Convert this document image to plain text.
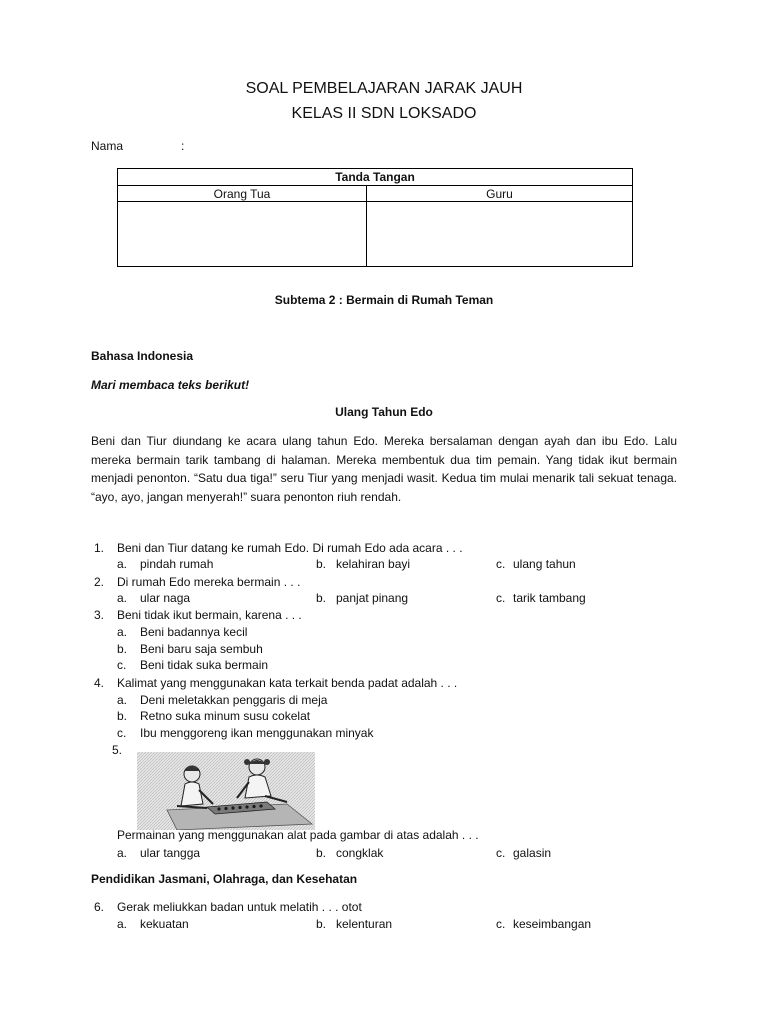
SOAL PEMBELAJARAN JARAK JAUH
KELAS II SDN LOKSADO
Nama	:
Tanda Tangan	
Orang Tua	Guru

Subtema 2 : Bermain di Rumah Teman
Bahasa Indonesia
Mari membaca teks berikut!
Ulang Tahun Edo
Beni dan Tiur diundang ke acara ulang tahun Edo. Mereka bersalaman dengan ayah dan ibu Edo. Lalu mereka bermain tarik tambang di halaman. Mereka membentuk dua tim pemain. Yang tidak ikut bermain menjadi penonton. “Satu dua tiga!” seru Tiur yang menjadi wasit. Kedua tim mulai menarik tali sekuat tenaga. “ayo, ayo, jangan menyerah!” suara penonton riuh rendah.
1. Beni dan Tiur datang ke rumah Edo. Di rumah Edo ada acara . . .
a. pindah rumah	b. kelahiran bayi	c. ulang tahun
2. Di rumah Edo mereka bermain . . .
a. ular naga	b. panjat pinang	c. tarik tambang
3. Beni tidak ikut bermain, karena . . .
a. Beni badannya kecil
b. Beni baru saja sembuh
c. Beni tidak suka bermain
4. Kalimat yang menggunakan kata terkait benda padat adalah . . .
a. Deni meletakkan penggaris di meja
b. Retno suka minum susu cokelat
c. Ibu menggoreng ikan menggunakan minyak
5.
Permainan yang menggunakan alat pada gambar di atas adalah . . .
a. ular tangga	b. congklak	c. galasin
Pendidikan Jasmani, Olahraga, dan Kesehatan
6. Gerak meliukkan badan untuk melatih . . . otot
a. kekuatan	b. kelenturan	c. keseimbangan
